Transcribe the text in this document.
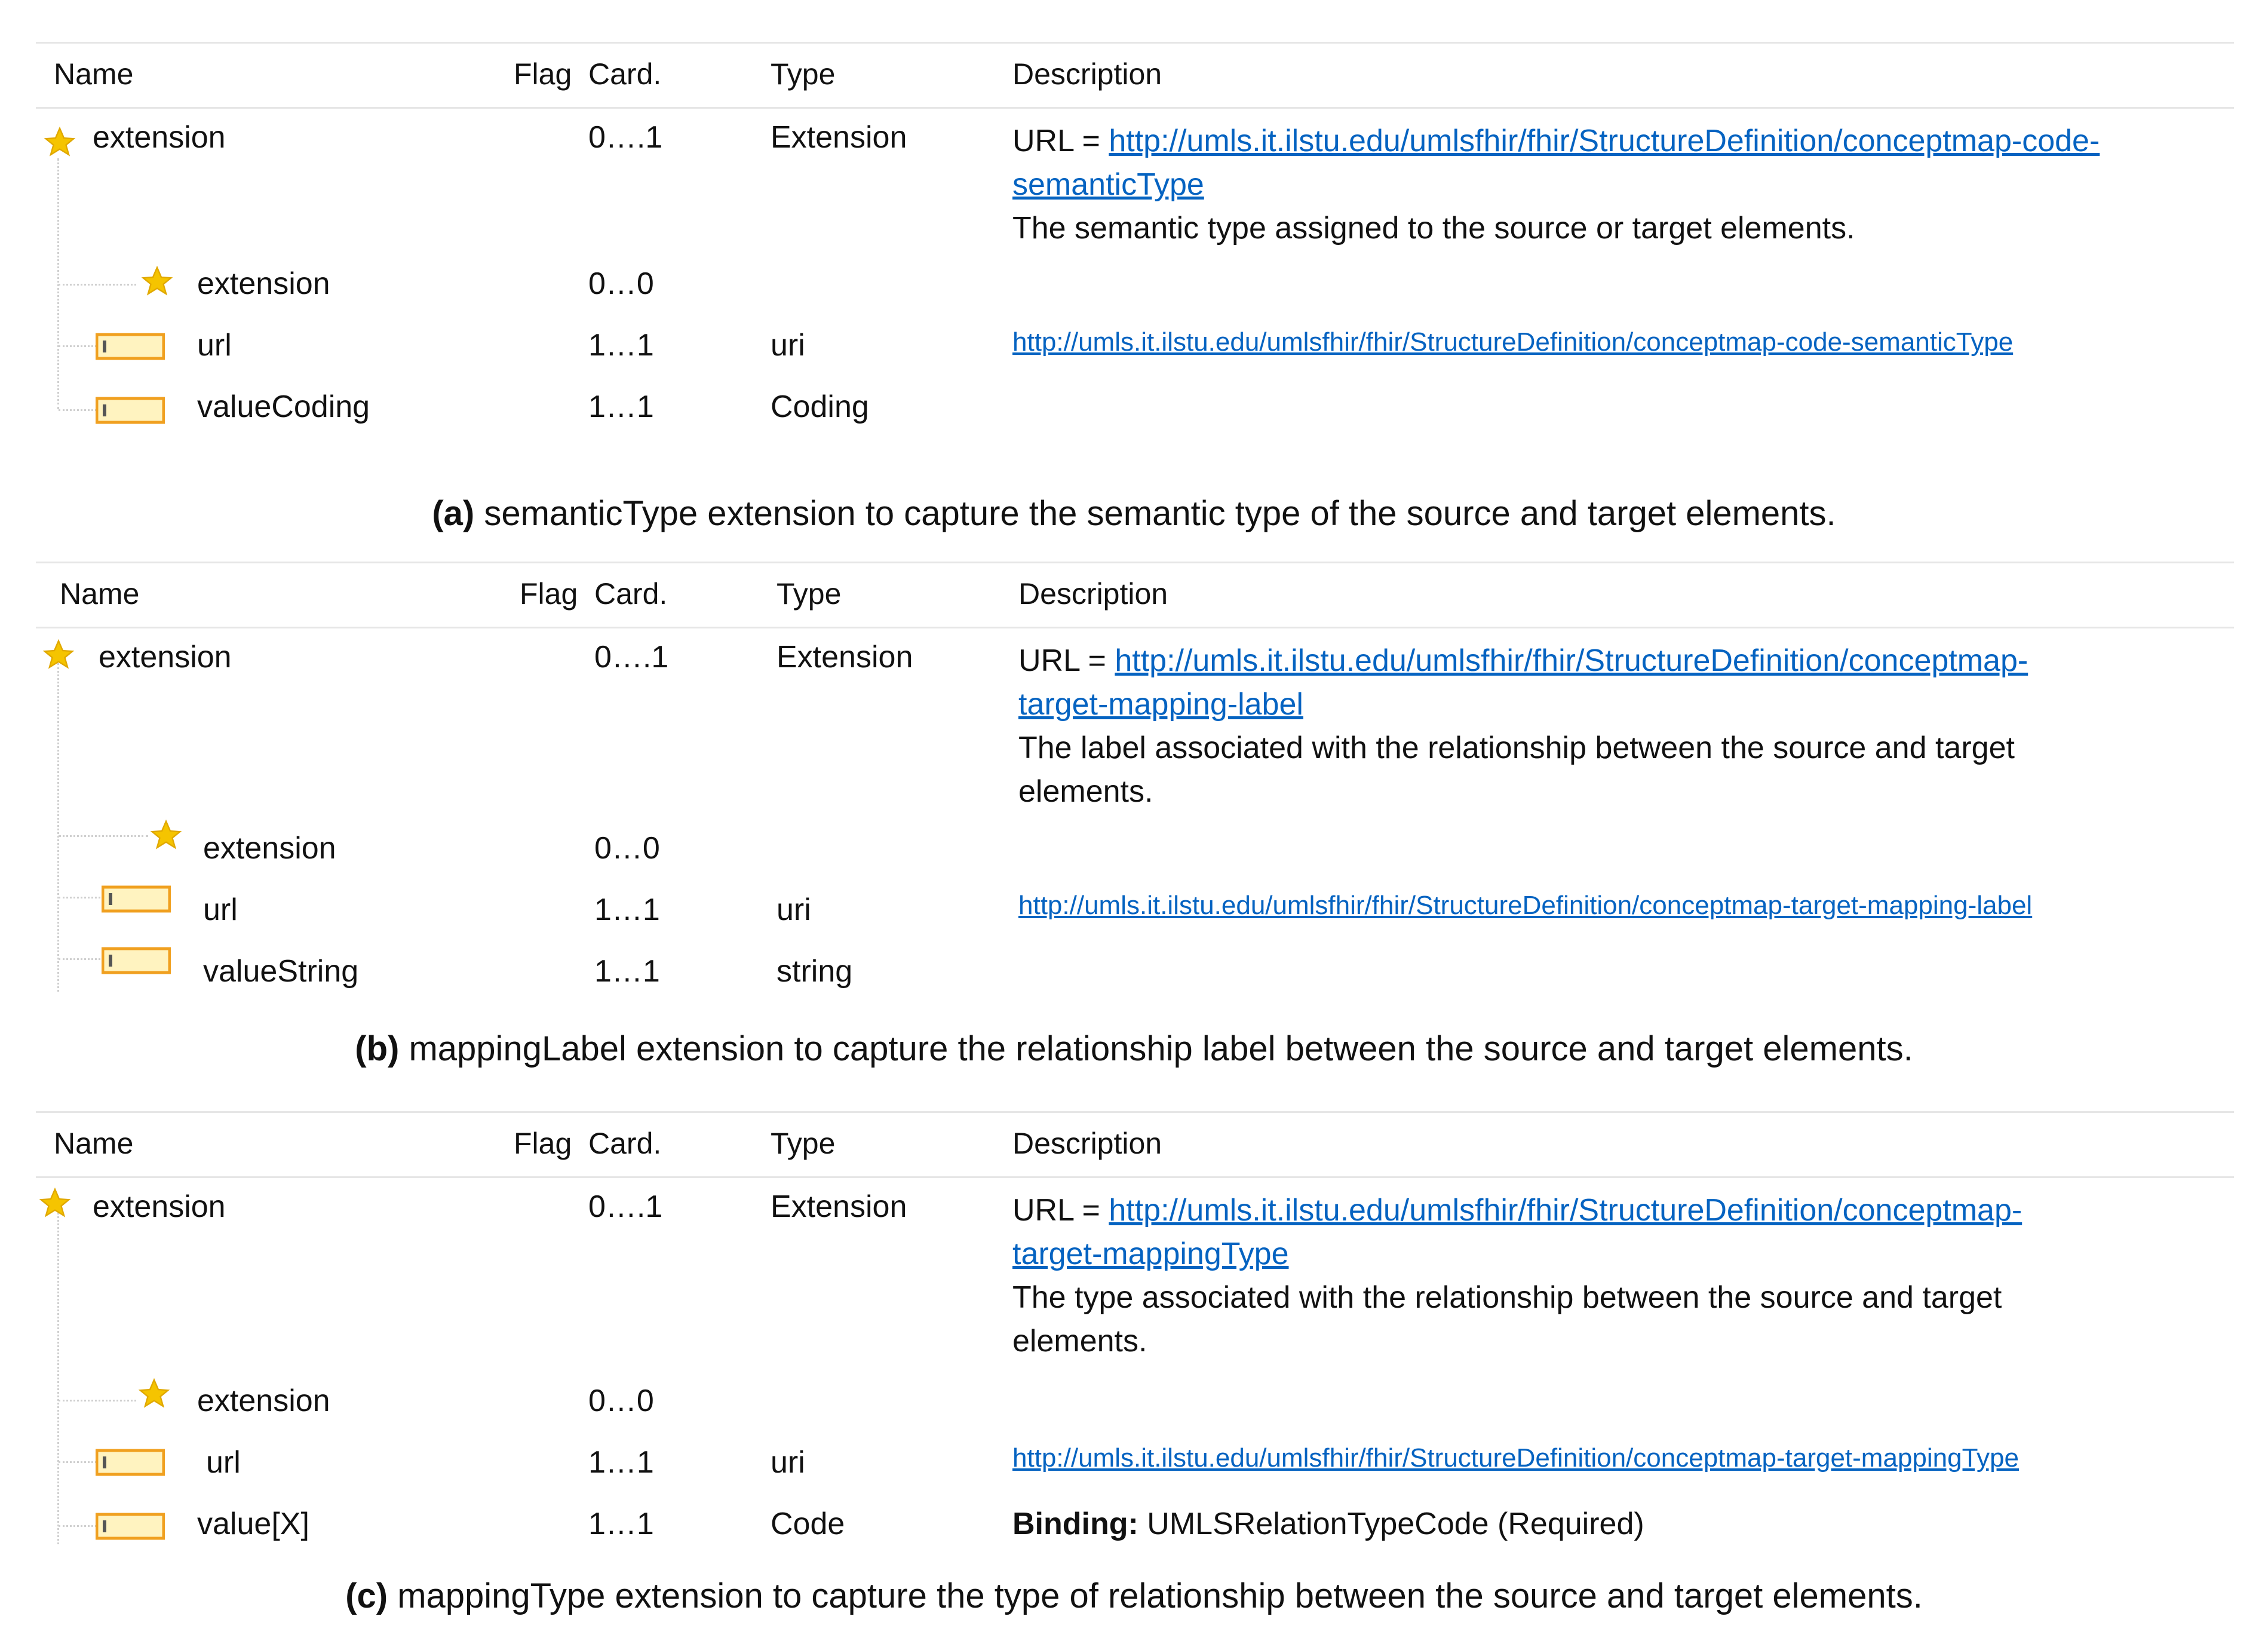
Name	Flag Card.	Type	Description
extension	0….1	Extension	URL = http://umls.it.ilstu.edu/umlsfhir/fhir/StructureDefinition/conceptmap-code-
semanticType
The semantic type assigned to the source or target elements.
extension	0…0
url	1…1	uri	http://umls.it.ilstu.edu/umlsfhir/fhir/StructureDefinition/conceptmap-code-semanticType
valueCoding	1…1	Coding
(a) semanticType extension to capture the semantic type of the source and target elements.
Name	Flag Card.	Type	Description
extension	0….1	Extension	URL = http://umls.it.ilstu.edu/umlsfhir/fhir/StructureDefinition/conceptmap-
target-mapping-label
The label associated with the relationship between the source and target
elements.
extension	0…0
url	1…1	uri	http://umls.it.ilstu.edu/umlsfhir/fhir/StructureDefinition/conceptmap-target-mapping-label
valueString	1…1	string
(b) mappingLabel extension to capture the relationship label between the source and target elements.
Name	Flag Card.	Type	Description
extension	0….1	Extension	URL = http://umls.it.ilstu.edu/umlsfhir/fhir/StructureDefinition/conceptmap-
target-mappingType
The type associated with the relationship between the source and target
elements.
extension	0…0
url	1…1	uri	http://umls.it.ilstu.edu/umlsfhir/fhir/StructureDefinition/conceptmap-target-mappingType
value[X]	1…1	Code	Binding: UMLSRelationTypeCode (Required)
(c) mappingType extension to capture the type of relationship between the source and target elements.
